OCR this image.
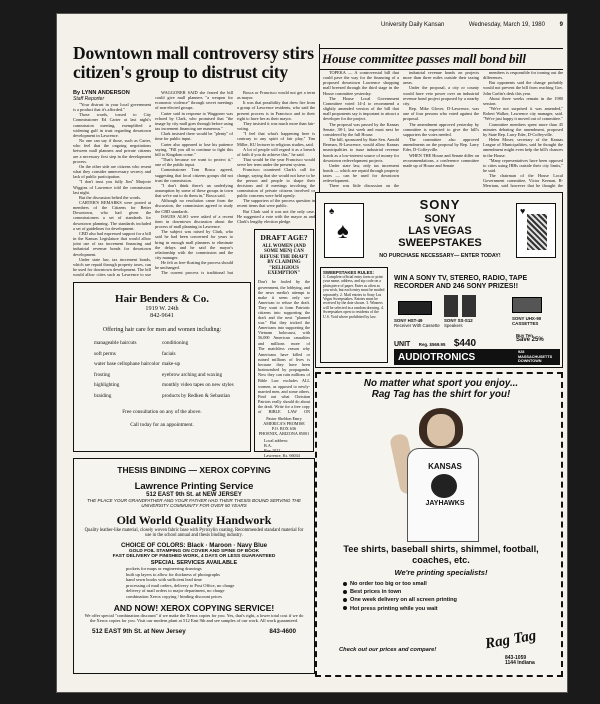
University Daily Kansan	Wednesday, March 19, 1980 9
Downtown mall controversy stirs citizen's group to distrust city
By LYNN ANDERSON
Staff Reporter

"Your distrust in your local government is a product that it's afforded."

Those words, tossed to City Commissioner Ed Carter at last night's commission meeting, exemplified a widening gulf in trust regarding downtown development in Lawrence.

No one can say if those, such as Carter, who feel that the ongoing negotiations between mall planners and private citizens are a necessary first step in the development process.

On the other side are citizens who resent what they consider unnecessary secrecy and lack of public participation.

"I don't trust you fully Jim" Marjorie Wiggins of Lawrence told the commission last night.

But the discussion belied the words.

CARTER'S REMARKS were posted at members of the Citizens for Better Downtown, who had given the commissioners a set of standards for downtown planning. The standards included a set of guidelines for development.

CBD also had expressed support for a bill in the Kansas Legislature that would allow joint use of tax increment financing and industrial revenue bonds for downtown development.

Under state law, tax increment bonds, which are repaid through property taxes, can be used for downtown development. The bill would allow cities such as Lawrence to use

WAGGONER SAID she feared the bill could give mall planners "a weapon for economic violence" through secret meetings of non-elected groups.

Carter said in response to Waggoner was echoed by Clark, who promised that "the image by city mall goes through before using tax increment financing are numerous."

Clark insisted there would be "plenty" of time for public input.

Carter also appeared to lose his patience saying, "Fill you all to continue to fight this bill to Kingdom come."

"That's because we want to protect it," one of the public input.

Commissioner Tom Bosca agreed, suggesting that local citizens groups did not trust the commission.

"I don't think there's an underlying assumption by some of these groups in town that we're out to do them in," Bosca said.

Although no resolution came from the discussion, the commission agreed to study the CBD standards.

ISSUES ALSO were asked of a recent item in downtown discussion about the process of mall planning in Lawrence.

The subject was raised by Clark, who said he had been concerned for years to bring in enough mall planners to eliminate the delays and he said the mayor's relationship with the commission and the city manager.

He felt as free-floating the process should be unchanged.

The current process is traditional but

Bosca or Francisco would not get a term as mayor.

It was that possibility that drew fire from a group of Lawrence residents, who said the present process is in Francisco and to their right to have her as their mayor.

They insisted it was much more than fair-voting.

"I feel that what's happening here is contrary to any spirit of fair play," Tim Miller, KU lecturer in religious studies, said.

A lot of people will regard it as a breach of faith if you do achieve this," he said.

That would be the year Francisco would serve her term under the present system.

Francisco countered Clark's call for change, saying that she would not have to be the person and people to shape their decisions and if meetings involving the commission of private citizens involved or public concerns were held openly.

The supporters of the process question in recent items that were public.

But Clark said it was not the only case. He suggested a vote with the mayor as and Clark's lengthy election pledge.

Hair Benders & Co.
1919 W. 24th
842-9641
Offering hair care for men and women including:
manageable haircuts
soft perms
water base cellophane haircolor
frosting
highlighting
braiding
conditioning
facials
make-up
eyebrow arching and waxing
monthly video tapes on new styles
products by Redken & Sebastian
Free consultation on any of the above.
Call today for an appointment.
DRAFT AGE?
ALL WOMEN (AND SOME MEN) CAN REFUSE THE DRAFT BY CLAIMING "RELIGIOUS EXEMPTION"
Don't be fooled by the government, the lobbying, and the news media's attempt to make it seem only un-American to refuse the draft. They want to form Patriotic citizens into supporting the draft and the next "planned war." But they tricked the Americans into supporting the Vietnam holocaust, with 56,000 American casualties and millions more of
The matchless reason why Americans have killed or ruined millions of lives is because they have been brainwashed by propaganda. Now they can ruin millions of
Bible Law excludes ALL women, as opposed to newly-married men, and some others. Find out what Christian Patriots really should do about the draft. Write for a free copy of BIBLE LAW ON
Pastor Sheldon Emry
AMERICA'S PROMISE
P.O. BOX 636
PHOENIX, ARIZONA 85001
Local address:
B.A.
Box 1022
Lawrence, Ks. 66044
THESIS BINDING — XEROX COPYING
Lawrence Printing Service
512 EAST 9th St. at NEW JERSEY
THE PLACE YOUR GRANDFATHER AND YOUR FATHER HAD THEIR THESIS BOUND SERVING THE UNIVERSITY COMMUNITY FOR OVER 50 YEARS
Old World Quality Handwork
Quality leather-like material, closely woven fabric base with Pyroxylin coating. Recommended standard material for use in the school annual and thesis binding industry.
CHOICE OF COLORS: Black · Maroon · Navy Blue
GOLD FOIL STAMPING ON COVER AND SPINE OF BOOK
FAST DELIVERY OF FINISHED WORK, 4 DAYS OR LESS GUARANTEED
SPECIAL SERVICES AVAILABLE
pockets for maps or engineering drawings
built up layers to allow for thickness of photographs
hand sewn books with sufficient lead time
processing of mail orders, delivery to Post Office, no charge
delivery of mail orders to major department, no charge
combination Xerox copying / binding discount prices
AND NOW! XEROX COPYING SERVICE!
We offer special "combination discount" if we make the Xerox copies for you. Yes, that's right, a lower total cost if we do the Xerox copies for you. Visit our modern plant at 512 East 9th and see samples of our work. All work guaranteed.
512 EAST 9th St. at New Jersey	843-4600
House committee passes mall bond bill

TOPEKA — A controversial bill that could pave the way for the financing of a proposed downtown Lawrence shopping mall breezed through the third stage in the House committee yesterday.

The House Local Government Committee voted 14-4 to recommend a slightly amended version of the bill that mall proponents say is important to attract a developer for the project.

The proposal was passed by the Kansas Senate, 38-1, last week and must next be considered by the full House.

The bill, sponsored by State Sen. Arnold Berman, R-Lawrence, would allow Kansas municipalities to issue industrial revenue bonds as a low-interest source of money for downtown redevelopment projects.

Under state law, only tax increment bonds — which are repaid through property taxes — can be used for downtown redevelopment.

There was little discussion on the

industrial revenue bonds on projects more than three miles outside their taxing areas.

Under the proposal, a city or county would have veto power over an industrial revenue bond project proposed by a nearby city.

Rep. Mike Glover, D-Lawrence, was one of four persons who voted against the proposal.

The amendment approved yesterday by committee is expected to give the bill's supporters the votes needed.

The committee also approved amendments on the proposal by Rep. Larry Eder, D-Coffeyville.

WHEN THE House and Senate differ on recommendations, a conference committee made up of House and Senate

members is responsible for ironing out the differences.

But opponents said the change probably would not prevent the bill from reaching Gov. John Carlin's desk this year.

About three weeks remain in the 1980 session.

"We're not surprised it was amended," Robert Walker, Lawrence city manager, said. "We're just happy it moved out of committee."

Committee members spent more than 45 minutes debating the amendment, proposed by State Rep. Larry Eder, D-Coffeyville.

Helen Moser, secretary of the Kansas League of Municipalities, said he thought the amendment might even help the bill's chances in the House.

"Many representatives have been opposed to cities using IRBs outside their city limits," he said.

The chairman of the House Local Government committee, Victor Keenan, R-Merriam, said however that he thought the

♠
♠
♥
SONY
SONY
LAS VEGAS
SWEEPSTAKES
NO PURCHASE NECESSARY— ENTER TODAY!
SWEEPSTAKES RULES:
1. Complete official entry form or print your name, address, and zip code on a plain piece of paper. Enter as often as you wish, but each entry must be mailed separately. 2. Mail entries to Sony Las Vegas Sweepstakes. Entries must be received by the date shown. 3. Winners will be selected in a random drawing. 4. Sweepstakes open to residents of the U.S. Void where prohibited by law.
WIN A SONY TV, STEREO, RADIO, TAPE RECORDER AND 246 SONY PRIZES!!
SONY HST-49
Receiver With Cassette
SONY SS-S12
Speakers
SONY UHX-90 CASSETTES
UNIT Reg. $569.95 $440
Buy Ten
Save 25%
AUDIOTRONICS	928 MASSACHUSETTS DOWNTOWN
No matter what sport you enjoy...
Rag Tag has the shirt for you!
KANSAS
JAYHAWKS
Tee shirts, baseball shirts, shimmel, football, coaches, etc.
We're printing specialists!
No order too big or too small
Best prices in town
One week delivery on all screen printing
Hot press printing while you wait
Check out our prices and compare!	Rag Tag
843-1059
1144 Indiana
